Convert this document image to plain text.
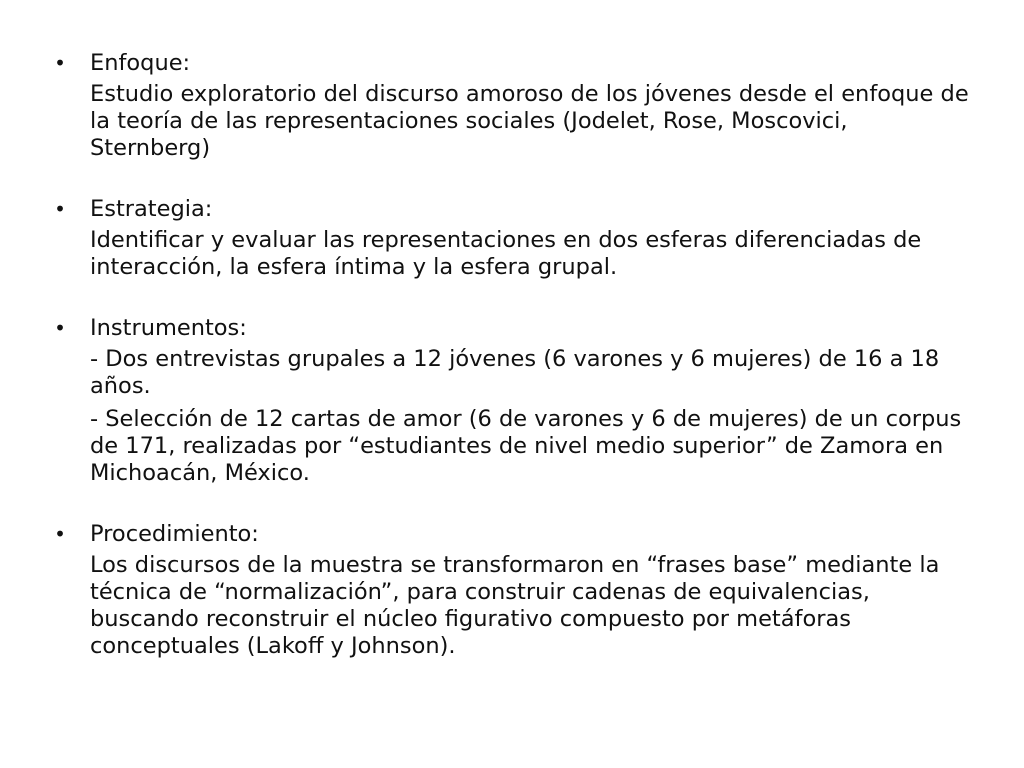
• Enfoque:

Estudio exploratorio del discurso amoroso de los jóvenes desde el enfoque de la teoría de las representaciones sociales (Jodelet, Rose, Moscovici, Sternberg)

• Estrategia:

Identificar y evaluar las representaciones en dos esferas diferenciadas de interacción, la esfera íntima y la esfera grupal.

• Instrumentos:

- Dos entrevistas grupales a 12 jóvenes (6 varones y 6 mujeres) de 16 a 18 años.

- Selección de 12 cartas de amor (6 de varones y 6 de mujeres) de un corpus de 171, realizadas por “estudiantes de nivel medio superior” de Zamora en Michoacán, México.

• Procedimiento:

Los discursos de la muestra se transformaron en “frases base” mediante la técnica de “normalización”, para construir cadenas de equivalencias, buscando reconstruir el núcleo figurativo compuesto por metáforas conceptuales (Lakoff y Johnson).
